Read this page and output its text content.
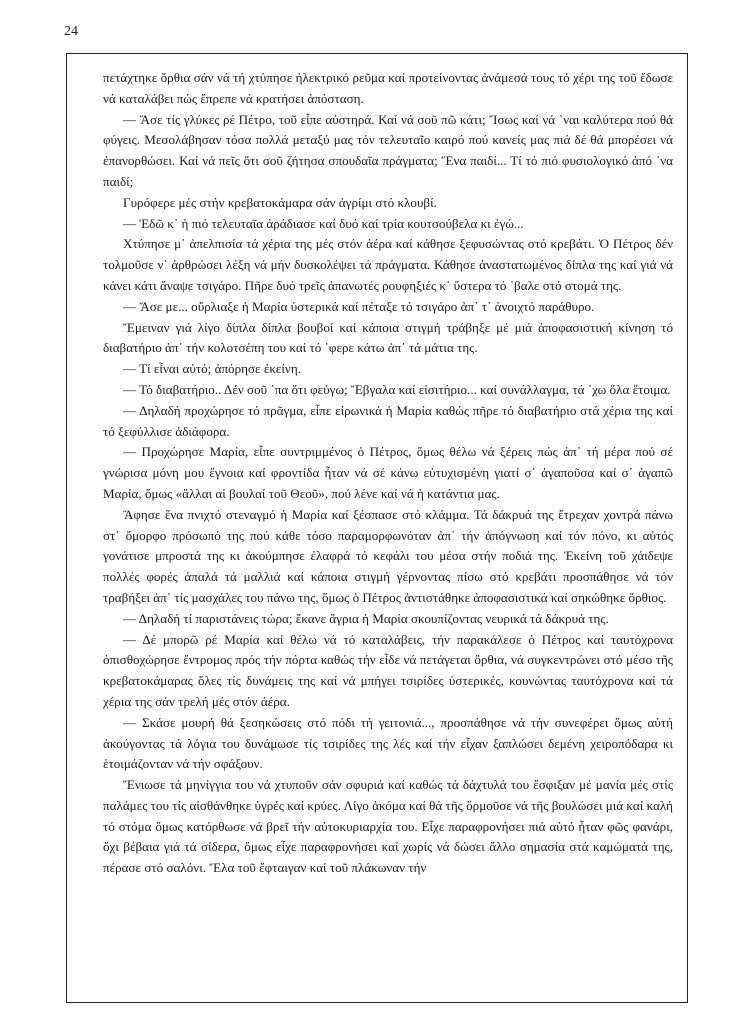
24

πετάχτηκε ὄρθια σάν νά τή χτύπησε ἠλεκτρικό ρεῦμα καί προτείνοντας ἀνάμεσά τους τό χέρι της τοῦ ἔδωσε νά καταλάβει πώς ἔπρεπε νά κρατήσει ἀπόσταση.

— Ἄσε τίς γλύκες ρέ Πέτρο, τοῦ εἶπε αὐστηρά. Καί νά σοῦ πῶ κάτι; Ἴσως καί νά ᾽ναι καλύτερα πού θά φύγεις. Μεσολάβησαν τόσα πολλά μεταξύ μας τόν τελευταῖο καιρό πού κανείς μας πιά δέ θά μπορέσει νά ἐπανορθώσει. Καί νά πεῖς ὅτι σοῦ ζήτησα σπουδαῖα πράγματα; Ἕνα παιδί... Τί τό πιό φυσιολογικό ἀπό ᾽να παιδί;

Γυρόφερε μές στήν κρεβατοκάμαρα σάν ἀγρίμι στό κλουβί.

— Ἐδῶ κ᾽ ἡ πιό τελευταῖα ἀράδιασε καί δυό καί τρία κουτσούβελα κι ἐγώ...

Χτύπησε μ᾽ ἀπελπισία τά χέρια της μές στόν ἀέρα καί κάθησε ξεφυσώντας στό κρεβάτι. Ὁ Πέτρος δέν τολμοῦσε ν᾽ ἀρθρώσει λέξη νά μήν δυσκολέψει τά πράγματα. Κάθησε ἀναστατωμένος δίπλα της καί γιά νά κάνει κάτι ἄναψε τσιγάρο. Πῆρε δυό τρεῖς ἀπανωτές ρουφηξιές κ᾽ ὕστερα τό ᾽βαλε στό στομά της.

— Ἄσε με... οὔρλιαξε ἡ Μαρία ὑστερικά καί πέταξε τό τσιγάρο ἀπ᾽ τ᾽ ἀνοιχτό παράθυρο.

Ἔμειναν γιά λίγο δίπλα δίπλα βουβοί καί κάποια στιγμή τράβηξε μέ μιά ἀποφασιστική κίνηση τό διαβατήριο ἀπ᾽ τήν κολοτσέπη του καί τό ᾽φερε κάτω ἀπ᾽ τά μάτια της.

— Τί εἶναι αὐτό; ἀπόρησε ἐκείνη.

— Τό διαβατήριο.. Δέν σοῦ ᾽πα ὅτι φεύγω; Ἔβγαλα καί εἰσιτήριο... καί συνάλλαγμα, τά ᾽χω ὅλα ἕτοιμα.

— Δηλαδή προχώρησε τό πρᾶγμα, εἶπε εἰρωνικά ἡ Μαρία καθώς πῆρε τό διαβατήριο στά χέρια της καί τό ξεφύλλισε ἀδιάφορα.

— Προχώρησε Μαρία, εἶπε συντριμμένος ὁ Πέτρος, ὅμως θέλω νά ξέρεις πώς ἀπ᾽ τή μέρα πού σέ γνώρισα μόνη μου ἔγνοια καί φροντίδα ἦταν νά σέ κάνω εὐτυχισμένη γιατί σ᾽ ἀγαποῦσα καί σ᾽ ἀγαπῶ Μαρία, ὅμως «ἄλλαι αἱ βουλαί τοῦ Θεοῦ», πού λένε καί νά ἡ κατάντια μας.

Ἄφησε ἕνα πνιχτό στεναγμό ἡ Μαρία καί ξέσπασε στό κλάμμα. Τά δάκρυά της ἔτρεχαν χοντρά πάνω στ᾽ ὄμορφο πρόσωπό της πού κάθε τόσο παραμορφωνόταν ἀπ᾽ τήν ἀπόγνωση καί τόν πόνο, κι αὐτός γονάτισε μπροστά της κι ἀκούμπησε ἐλαφρά τό κεφάλι του μέσα στήν ποδιά της. Ἐκείνη τοῦ χάιδεψε πολλές φορές ἁπαλά τά μαλλιά καί κάποια στιγμή γέρνοντας πίσω στό κρεβάτι προσπάθησε νά τόν τραβήξει ἀπ᾽ τίς μασχάλες του πάνω της, ὅμως ὁ Πέτρος ἀντιστάθηκε ἀποφασιστικά καί σηκώθηκε ὄρθιος.

— Δηλαδή τί παριστάνεις τώρα; ἔκανε ἄγρια ἡ Μαρία σκουπίζοντας νευρικά τά δάκρυά της.

— Δέ μπορῶ ρέ Μαρία καί θέλω νά τό καταλάβεις, τήν παρακάλεσε ὁ Πέτρος καί ταυτόχρονα ὀπισθοχώρησε ἔντρομος πρός τήν πόρτα καθώς τήν εἶδε νά πετάγεται ὄρθια, νά συγκεντρώνει στό μέσο τῆς κρεβατοκάμαρας ὅλες τίς δυνάμεις της καί νά μπήγει τσιρίδες ὑστερικές, κουνώντας ταυτόχρονα καί τά χέρια της σάν τρελή μές στόν ἀέρα.

— Σκάσε μουρή θά ξεσηκώσεις στό πόδι τή γειτονιά..., προσπάθησε νά τήν συνεφέρει ὅμως αὐτή ἀκούγοντας τά λόγια του δυνάμωσε τίς τσιρίδες της λές καί τήν εἶχαν ξαπλώσει δεμένη χειροπόδαρα κι ἑτοιμάζονταν νά τήν σφάξουν.

Ἔνιωσε τά μηνίγγια του νά χτυποῦν σάν σφυριά καί καθώς τά δάχτυλά του ἔσφιξαν μέ μανία μές στίς παλάμες του τίς αἰσθάνθηκε ὑγρές καί κρύες. Λίγο ἀκόμα καί θά τῆς ὅρμοῦσε νά τῆς βουλώσει μιά καί καλή τό στόμα ὅμως κατόρθωσε νά βρεῖ τήν αὐτοκυριαρχία του. Εἶχε παραφρονήσει πιά αὐτό ἦταν φῶς φανάρι, ὄχι βέβαια γιά τά σίδερα, ὅμως εἶχε παραφρονήσει καί χωρίς νά δώσει ἄλλο σημασία στά καμώματά της, πέρασε στό σαλόνι. Ἔλα τοῦ ἔφταιγαν καί τοῦ πλάκωναν τήν
